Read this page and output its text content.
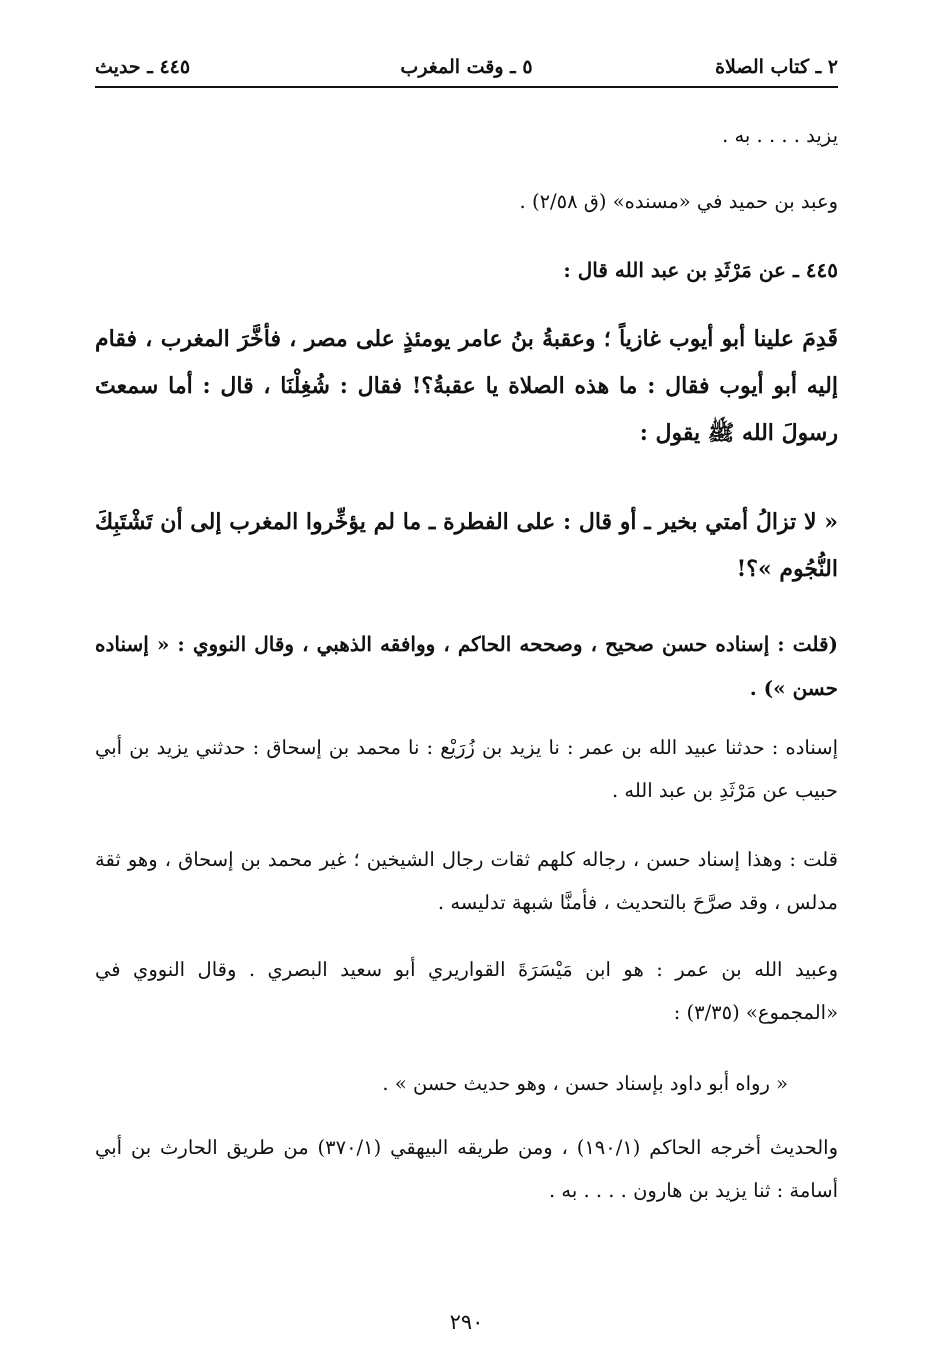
٢ ـ كتاب الصلاة
٥ ـ وقت المغرب
٤٤٥ ـ حديث

يزيد . . . . به .

وعبد بن حميد في «مسنده» (ق ٢/٥٨) .

٤٤٥ ـ عن مَرْثَدِ بن عبد الله قال :

قَدِمَ علينا أبو أيوب غازياً ؛ وعقبةُ بنُ عامر يومئذٍ على مصر ، فأخَّرَ المغرب ، فقام إليه أبو أيوب فقال : ما هذه الصلاة يا عقبةُ؟! فقال : شُغِلْنَا ، قال : أما سمعتَ رسولَ الله ﷺ يقول :

« لا تزالُ أمتي بخير ـ أو قال : على الفطرة ـ ما لم يؤخِّروا المغرب إلى أن تَشْتَبِكَ النُّجُوم »؟!

(قلت : إسناده حسن صحيح ، وصححه الحاكم ، ووافقه الذهبي ، وقال النووي : « إسناده حسن ») .

إسناده : حدثنا عبيد الله بن عمر : نا يزيد بن زُرَيْع : نا محمد بن إسحاق : حدثني يزيد بن أبي حبيب عن مَرْثَدِ بن عبد الله .

قلت : وهذا إسناد حسن ، رجاله كلهم ثقات رجال الشيخين ؛ غير محمد بن إسحاق ، وهو ثقة مدلس ، وقد صرَّحَ بالتحديث ، فأمنَّا شبهة تدليسه .

وعبيد الله بن عمر : هو ابن مَيْسَرَةَ القواريري أبو سعيد البصري . وقال النووي في «المجموع» (٣/٣٥) :

« رواه أبو داود بإسناد حسن ، وهو حديث حسن » .

والحديث أخرجه الحاكم (١٩٠/١) ، ومن طريقه البيهقي (٣٧٠/١) من طريق الحارث بن أبي أسامة : ثنا يزيد بن هارون . . . . به .

٢٩٠
